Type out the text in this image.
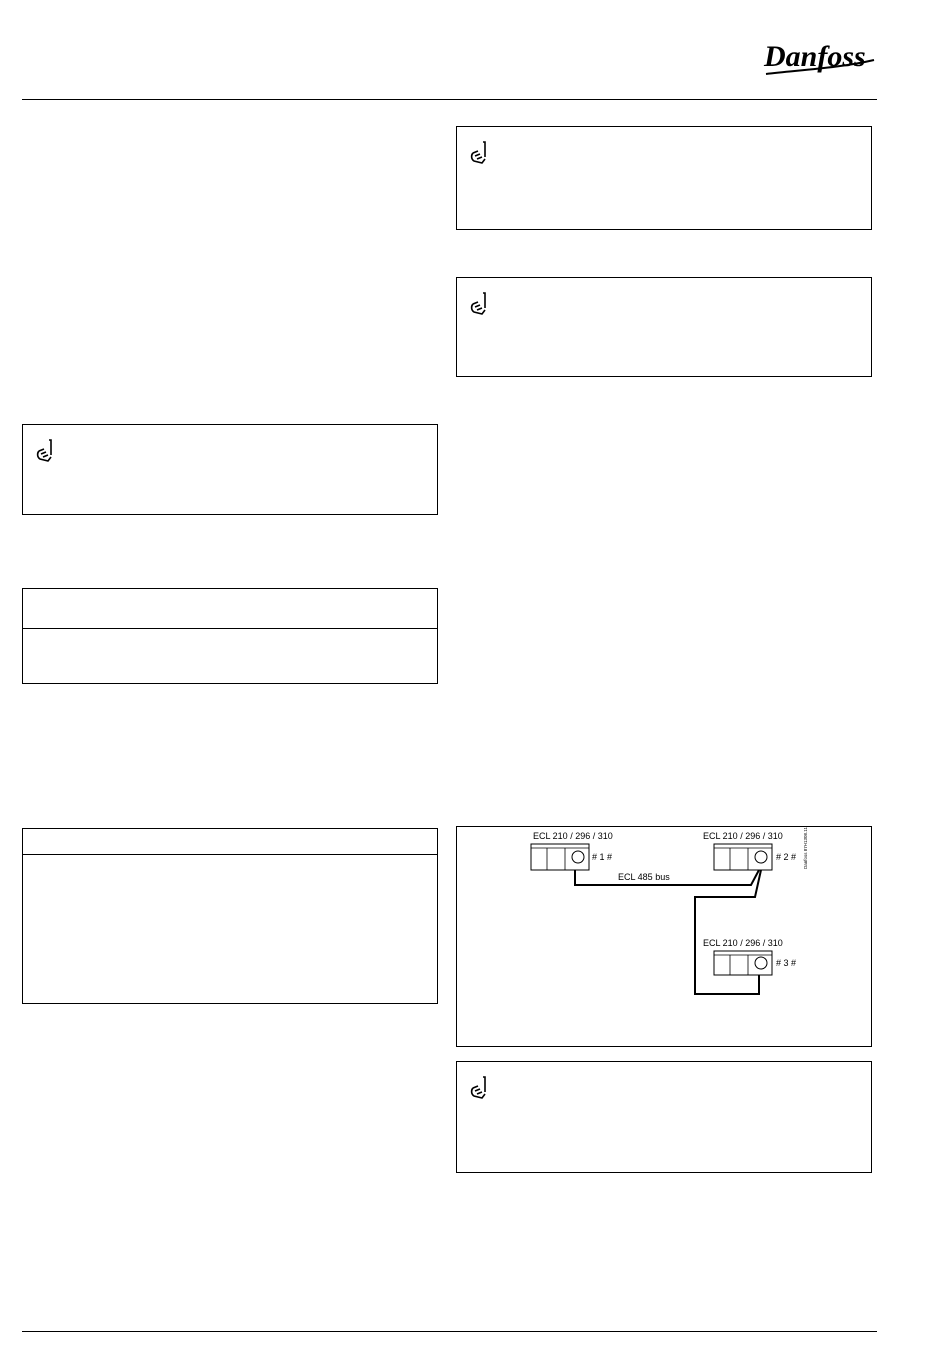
Danfoss
ECL 210 / 296 / 310
# 1 #
ECL 210 / 296 / 310
# 2 #
ECL 210 / 296 / 310
# 3 #
ECL 485 bus
Danfoss 87H1308.11
